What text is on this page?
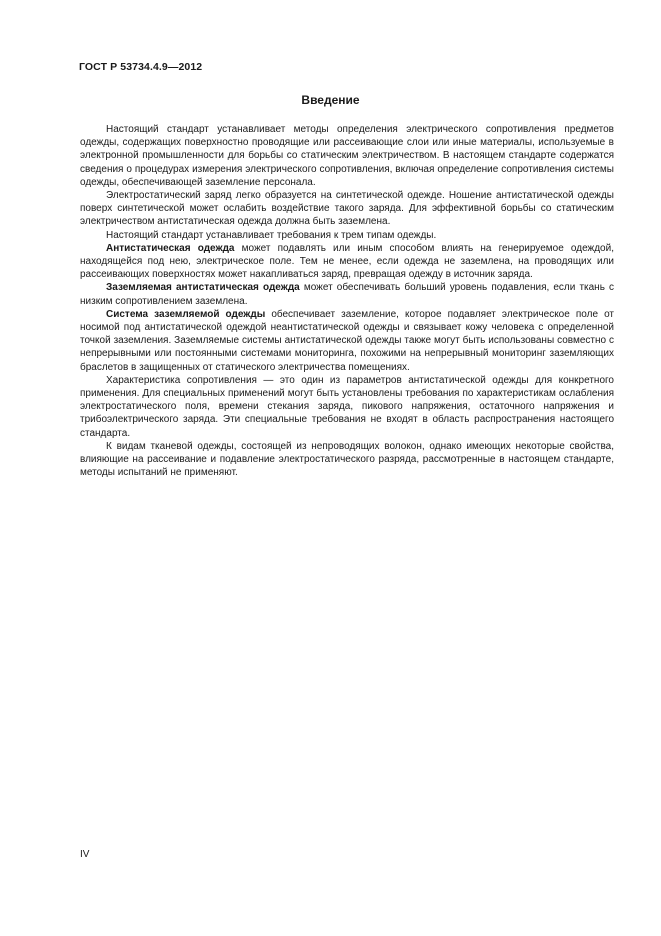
ГОСТ Р 53734.4.9—2012
Введение

Настоящий стандарт устанавливает методы определения электрического сопротивления предметов одежды, содержащих поверхностно проводящие или рассеивающие слои или иные материалы, используемые в электронной промышленности для борьбы со статическим электричеством. В настоящем стандарте содержатся сведения о процедурах измерения электрического сопротивления, включая определение сопротивления системы одежды, обеспечивающей заземление персонала.

Электростатический заряд легко образуется на синтетической одежде. Ношение антистатической одежды поверх синтетической может ослабить воздействие такого заряда. Для эффективной борьбы со статическим электричеством антистатическая одежда должна быть заземлена.

Настоящий стандарт устанавливает требования к трем типам одежды.

Антистатическая одежда может подавлять или иным способом влиять на генерируемое одеждой, находящейся под нею, электрическое поле. Тем не менее, если одежда не заземлена, на проводящих или рассеивающих поверхностях может накапливаться заряд, превращая одежду в источник заряда.

Заземляемая антистатическая одежда может обеспечивать больший уровень подавления, если ткань с низким сопротивлением заземлена.

Система заземляемой одежды обеспечивает заземление, которое подавляет электрическое поле от носимой под антистатической одеждой неантистатической одежды и связывает кожу человека с определенной точкой заземления. Заземляемые системы антистатической одежды также могут быть использованы совместно с непрерывными или постоянными системами мониторинга, похожими на непрерывный мониторинг заземляющих браслетов в защищенных от статического электричества помещениях.

Характеристика сопротивления — это один из параметров антистатической одежды для конкретного применения. Для специальных применений могут быть установлены требования по характеристикам ослабления электростатического поля, времени стекания заряда, пикового напряжения, остаточного напряжения и трибоэлектрического заряда. Эти специальные требования не входят в область распространения настоящего стандарта.

К видам тканевой одежды, состоящей из непроводящих волокон, однако имеющих некоторые свойства, влияющие на рассеивание и подавление электростатического разряда, рассмотренные в настоящем стандарте, методы испытаний не применяют.

IV
